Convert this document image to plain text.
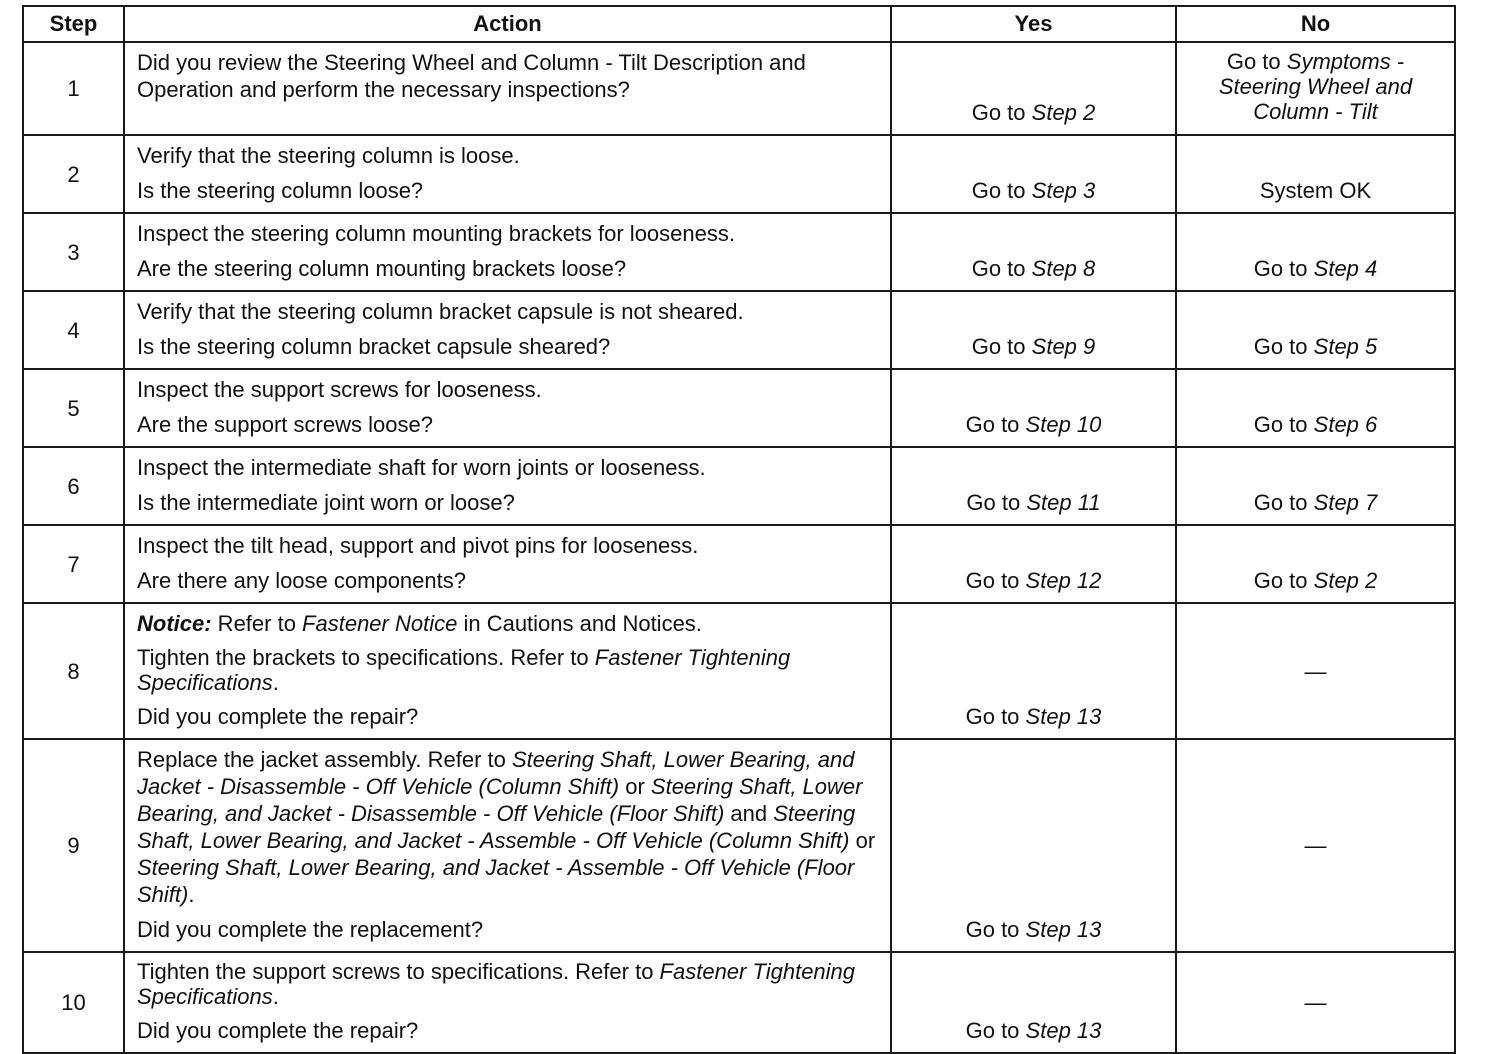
Step	Action	Yes	No
1	Did you review the Steering Wheel and Column - Tilt Description and Operation and perform the necessary inspections?	Go to Step 2	Go to Symptoms -
Steering Wheel and
Column - Tilt

2	Verify that the steering column is loose.
Is the steering column loose?	Go to Step 3	System OK
3	Inspect the steering column mounting brackets for looseness.
Are the steering column mounting brackets loose?	Go to Step 8	Go to Step 4
4	Verify that the steering column bracket capsule is not sheared.
Is the steering column bracket capsule sheared?	Go to Step 9	Go to Step 5
5	Inspect the support screws for looseness.
Are the support screws loose?	Go to Step 10	Go to Step 6
6	Inspect the intermediate shaft for worn joints or looseness.
Is the intermediate joint worn or loose?	Go to Step 11	Go to Step 7
7	Inspect the tilt head, support and pivot pins for looseness.
Are there any loose components?	Go to Step 12	Go to Step 2
8	Notice: Refer to Fastener Notice in Cautions and Notices.
Tighten the brackets to specifications. Refer to Fastener Tightening Specifications.
Did you complete the repair?	Go to Step 13	—
9	Replace the jacket assembly. Refer to Steering Shaft, Lower Bearing, and Jacket - Disassemble - Off Vehicle (Column Shift) or Steering Shaft, Lower Bearing, and Jacket - Disassemble - Off Vehicle (Floor Shift) and Steering Shaft, Lower Bearing, and Jacket - Assemble - Off Vehicle (Column Shift) or Steering Shaft, Lower Bearing, and Jacket - Assemble - Off Vehicle (Floor Shift).
Did you complete the replacement?	Go to Step 13	—
10	Tighten the support screws to specifications. Refer to Fastener Tightening Specifications.
Did you complete the repair?	Go to Step 13	—
